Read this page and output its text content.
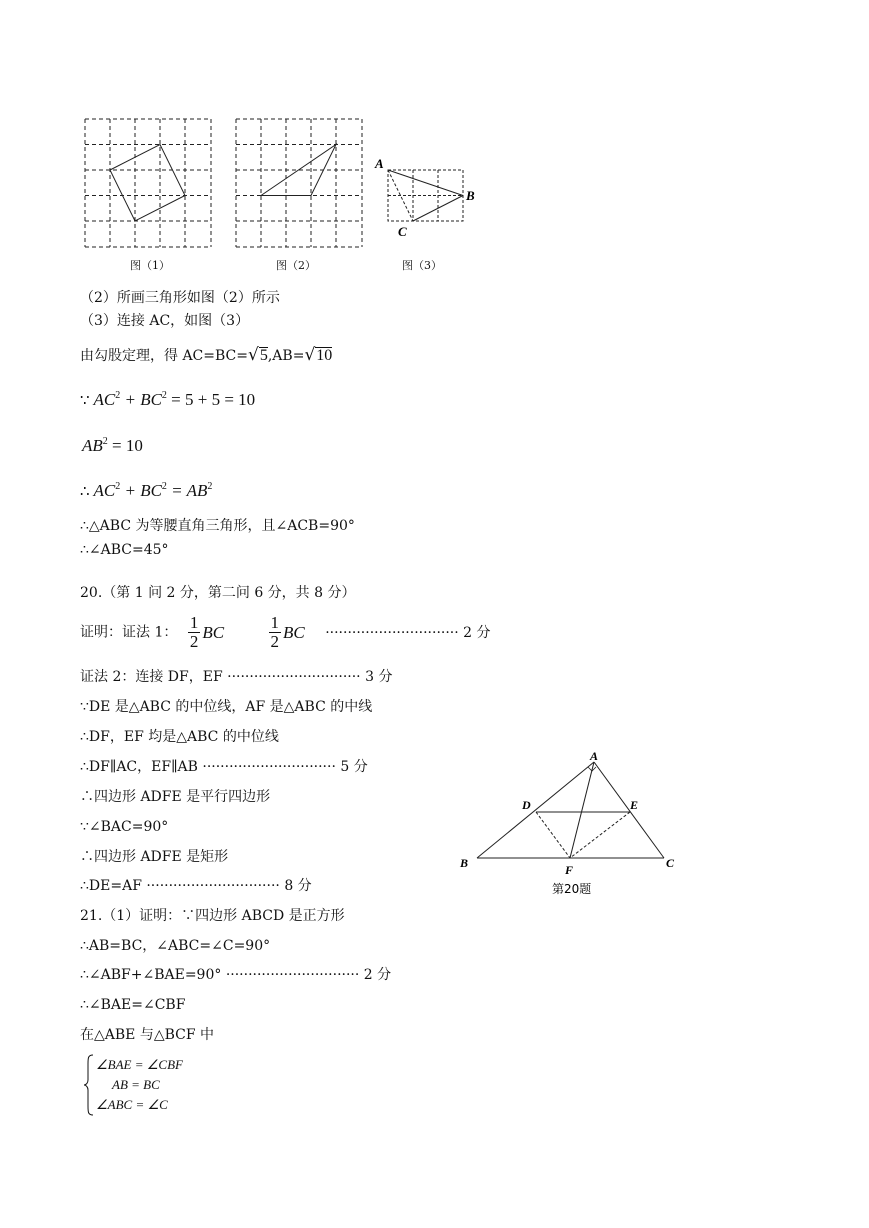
图（1）	图（2）
A
B
C
图（3）
（2）所画三角形如图（2）所示
（3）连接 AC，如图（3）
由勾股定理，得 AC=BC=√5,AB=√10
∵ $AC^2 + BC^2 = 5 + 5 = 10$
$AB^2 = 10$
∴ $AC^2 + BC^2 = AB^2$
∴△ABC 为等腰直角三角形，且∠ACB=90°
∴∠ABC=45°
20.（第 1 问 2 分，第二问 6 分，共 8 分）
证明：证法 1： $\frac{1}{2}$ BC	$\frac{1}{2}$ BC ······························ 2 分
证法 2：连接 DF，EF ······························ 3 分
∵DE 是△ABC 的中位线，AF 是△ABC 的中线
∴DF，EF 均是△ABC 的中位线
∴DF∥AC，EF∥AB ······························ 5 分
∴四边形 ADFE 是平行四边形
∵∠BAC=90°
∴四边形 ADFE 是矩形
∴DE=AF ······························ 8 分
A
D	E
B	C
F
第20题
21.（1）证明：∵四边形 ABCD 是正方形
∴AB=BC，∠ABC=∠C=90°
∴∠ABF+∠BAE=90° ······························ 2 分
∴∠BAE=∠CBF
在△ABE 与△BCF 中
∠BAE = ∠CBF
AB = BC
∠ABC = ∠C
